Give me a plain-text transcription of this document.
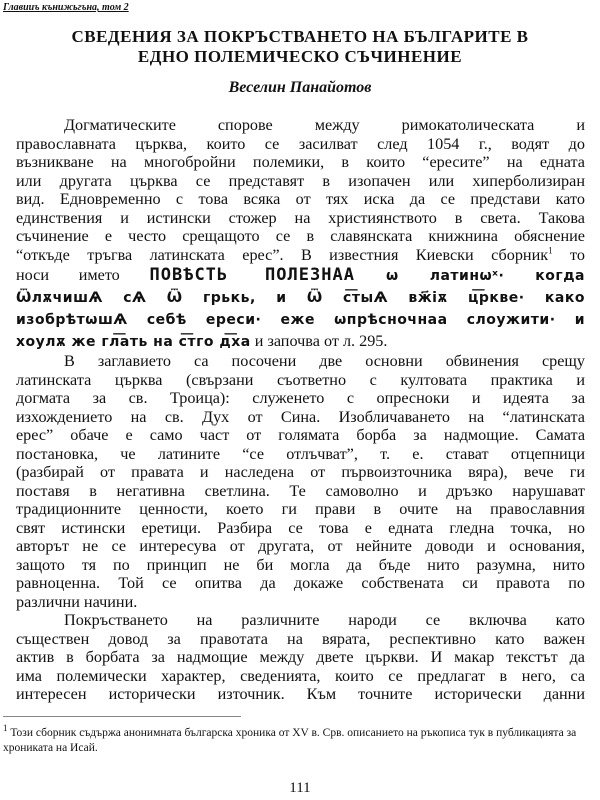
Глaвииъ кънижьгъна, том 2
СВЕДЕНИЯ ЗА ПОКРЪСТВАНЕТО НА БЪЛГАРИТЕ В
ЕДНО ПОЛЕМИЧЕСКО СЪЧИНЕНИЕ
Веселин Панайотов
Догматическите спорове между римокатолическата и
православната църква, които се засилват след 1054 г., водят до
възникване на многобройни полемики, в които “ересите” на едната
или другата църква се представят в изопачен или хиперболизиран
вид. Едновременно с това всяка от тях иска да се представи като
единствения и истински стожер на християнството в света. Такова
съчинение е често срещащото се в славянската книжнина обяснение
“откъде тръгва латинската ерес”. В известния Киевски сборник$^1$ то
носи името ПОВѢСТЬ ПОЛЕЗНАА ѡ латинѡˣ· когда
ѾлѫчишѦ сѦ Ѿ грькь, и Ѿ с͞тыѦ вж҃іѫ ц͞ркве· како
изобрѣтѡшѦ себѣ ереси· еже ѡпрѣсночнаа слоужити· и
хоулѫ же гл͞ать на с͞тго д͞ха и започва от л. 295.
В заглавието са посочени две основни обвинения срещу
латинската църква (свързани съответно с култовата практика и
догмата за св. Троица): служенето с опресноки и идеята за
изхождението на св. Дух от Сина. Изобличаването на “латинската
ерес” обаче е само част от голямата борба за надмощие. Самата
постановка, че латините “се отлъчват”, т. е. стават отцепници
(разбирай от правата и наследена от първоизточника вяра), вече ги
поставя в негативна светлина. Те самоволно и дръзко нарушават
традиционните ценности, което ги прави в очите на православния
свят истински еретици. Разбира се това е едната гледна точка, но
авторът не се интересува от другата, от нейните доводи и основания,
защото тя по принцип не би могла да бъде нито разумна, нито
равноценна. Той се опитва да докаже собствената си правота по
различни начини.
Покръстването на различните народи се включва като
съществен довод за правотата на вярата, респективно като важен
актив в борбата за надмощие между двете църкви. И макар текстът да
има полемически характер, сведенията, които се предлагат в него, са
интересен исторически източник. Към точните исторически данни
$^1$ Този сборник съдържа анонимната българска хроника от XV в. Срв. описанието на ръкописа тук в публикацията за хрониката на Исай.
111
